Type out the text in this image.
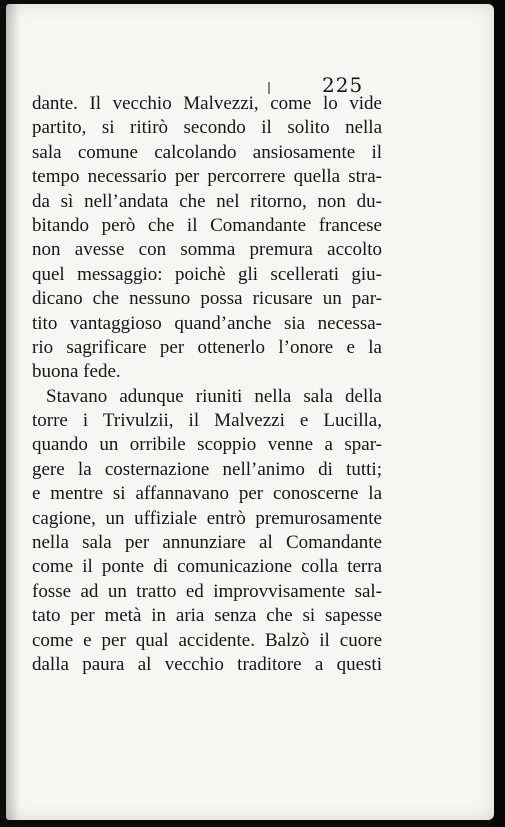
225
dante. Il vecchio Malvezzi, come lo vide
partito, si ritirò secondo il solito nella
sala comune calcolando ansiosamente il
tempo necessario per percorrere quella stra-
da sì nell’andata che nel ritorno, non du-
bitando però che il Comandante francese
non avesse con somma premura accolto
quel messaggio: poichè gli scellerati giu-
dicano che nessuno possa ricusare un par-
tito vantaggioso quand’anche sia necessa-
rio sagrificare per ottenerlo l’onore e la
buona fede.
Stavano adunque riuniti nella sala della
torre i Trivulzii, il Malvezzi e Lucilla,
quando un orribile scoppio venne a spar-
gere la costernazione nell’animo di tutti;
e mentre si affannavano per conoscerne la
cagione, un uffiziale entrò premurosamente
nella sala per annunziare al Comandante
come il ponte di comunicazione colla terra
fosse ad un tratto ed improvvisamente sal-
tato per metà in aria senza che si sapesse
come e per qual accidente. Balzò il cuore
dalla paura al vecchio traditore a questi
